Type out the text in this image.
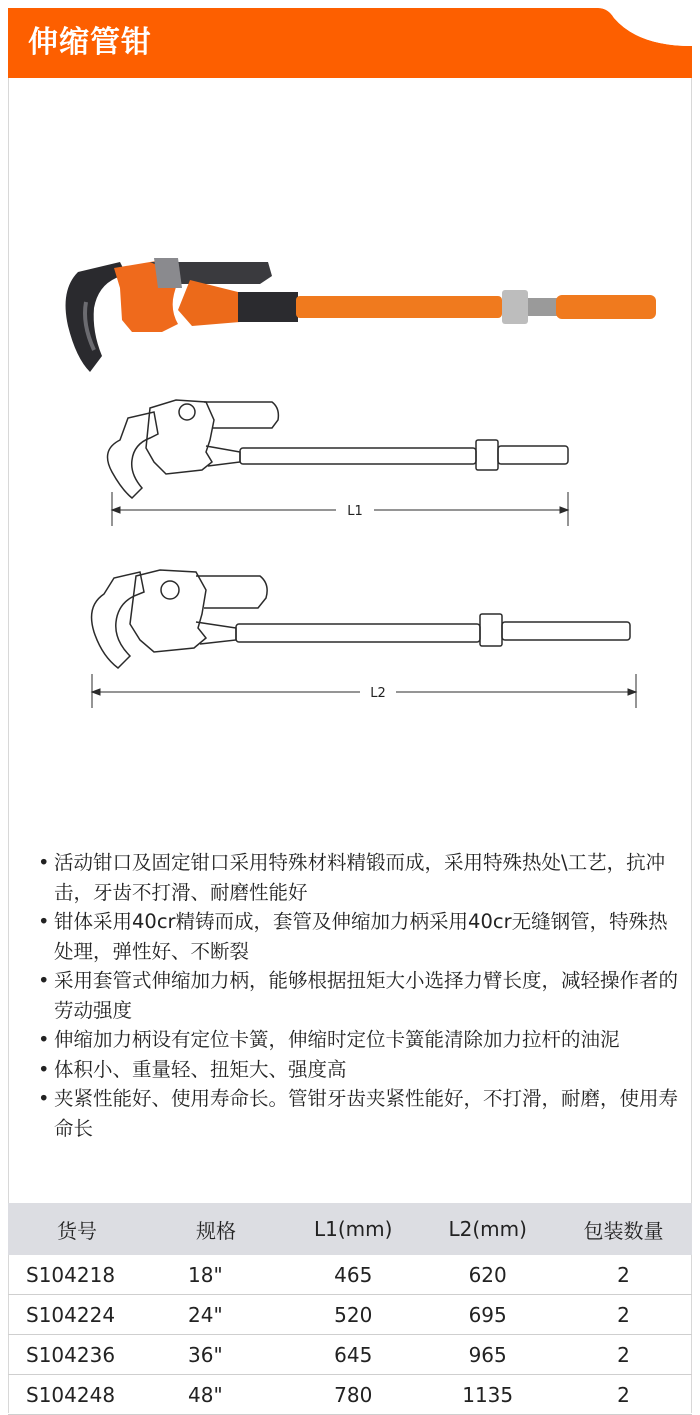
伸缩管钳
L1
L2
• 活动钳口及固定钳口采用特殊材料精锻而成，采用特殊热处\工艺，抗冲击，牙齿不打滑、耐磨性能好
• 钳体采用40cr精铸而成，套管及伸缩加力柄采用40cr无缝钢管，特殊热处理，弹性好、不断裂
• 采用套管式伸缩加力柄，能够根据扭矩大小选择力臂长度，减轻操作者的劳动强度
• 伸缩加力柄设有定位卡簧，伸缩时定位卡簧能清除加力拉杆的油泥
• 体积小、重量轻、扭矩大、强度高
• 夹紧性能好、使用寿命长。管钳牙齿夹紧性能好，不打滑，耐磨，使用寿命长
货号	规格	L1(mm)	L2(mm)	包装数量
S104218	18"	465	620	2
S104224	24"	520	695	2
S104236	36"	645	965	2
S104248	48"	780	1135	2
